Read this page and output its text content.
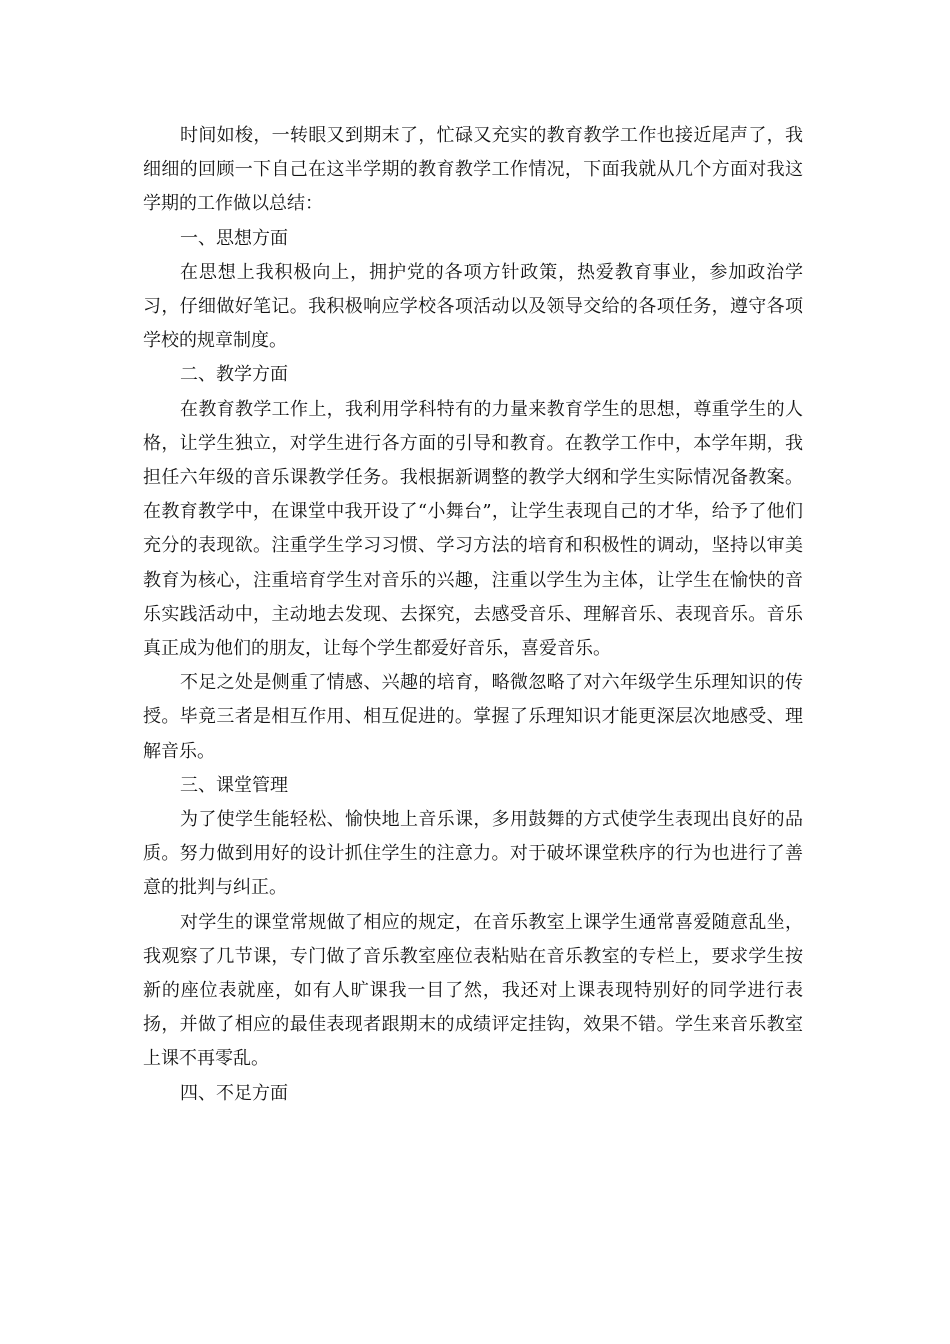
时间如梭，一转眼又到期末了，忙碌又充实的教育教学工作也接近尾声了，我细细的回顾一下自己在这半学期的教育教学工作情况，下面我就从几个方面对我这学期的工作做以总结：

一、思想方面

在思想上我积极向上，拥护党的各项方针政策，热爱教育事业，参加政治学习，仔细做好笔记。我积极响应学校各项活动以及领导交给的各项任务，遵守各项学校的规章制度。

二、教学方面

在教育教学工作上，我利用学科特有的力量来教育学生的思想，尊重学生的人格，让学生独立，对学生进行各方面的引导和教育。在教学工作中，本学年期，我担任六年级的音乐课教学任务。我根据新调整的教学大纲和学生实际情况备教案。在教育教学中，在课堂中我开设了“小舞台”，让学生表现自己的才华，给予了他们充分的表现欲。注重学生学习习惯、学习方法的培育和积极性的调动，坚持以审美教育为核心，注重培育学生对音乐的兴趣，注重以学生为主体，让学生在愉快的音乐实践活动中，主动地去发现、去探究，去感受音乐、理解音乐、表现音乐。音乐真正成为他们的朋友，让每个学生都爱好音乐，喜爱音乐。

不足之处是侧重了情感、兴趣的培育，略微忽略了对六年级学生乐理知识的传授。毕竟三者是相互作用、相互促进的。掌握了乐理知识才能更深层次地感受、理解音乐。

三、课堂管理

为了使学生能轻松、愉快地上音乐课，多用鼓舞的方式使学生表现出良好的品质。努力做到用好的设计抓住学生的注意力。对于破坏课堂秩序的行为也进行了善意的批判与纠正。

对学生的课堂常规做了相应的规定，在音乐教室上课学生通常喜爱随意乱坐，我观察了几节课，专门做了音乐教室座位表粘贴在音乐教室的专栏上，要求学生按新的座位表就座，如有人旷课我一目了然，我还对上课表现特别好的同学进行表扬，并做了相应的最佳表现者跟期末的成绩评定挂钩，效果不错。学生来音乐教室上课不再零乱。

四、不足方面
